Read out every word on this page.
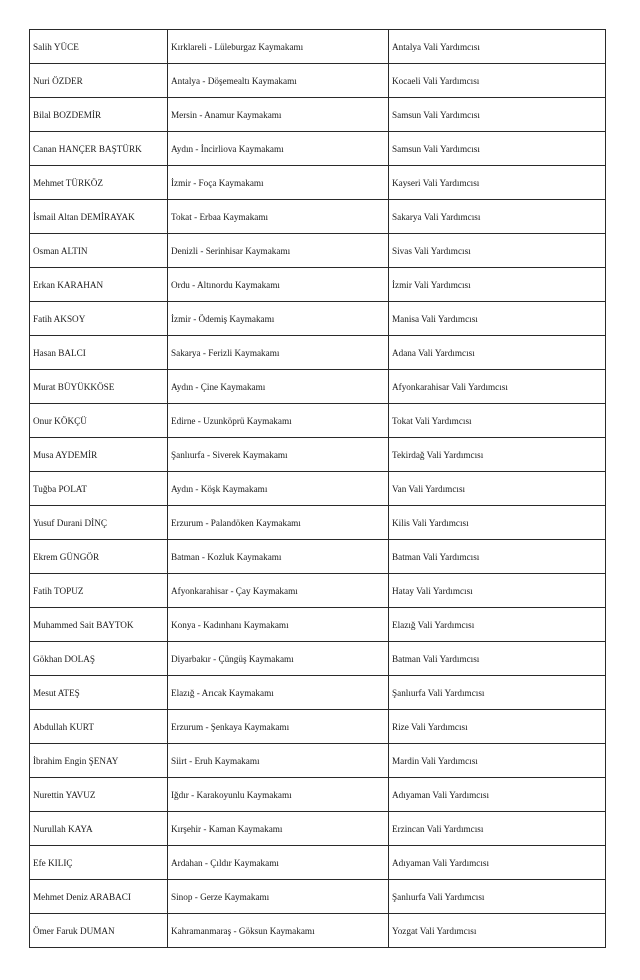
Salih YÜCE	Kırklareli - Lüleburgaz Kaymakamı	Antalya Vali Yardımcısı
Nuri ÖZDER	Antalya - Döşemealtı Kaymakamı	Kocaeli Vali Yardımcısı
Bilal BOZDEMİR	Mersin - Anamur Kaymakamı	Samsun Vali Yardımcısı
Canan HANÇER BAŞTÜRK	Aydın - İncirliova Kaymakamı	Samsun Vali Yardımcısı
Mehmet TÜRKÖZ	İzmir - Foça Kaymakamı	Kayseri Vali Yardımcısı
İsmail Altan DEMİRAYAK	Tokat - Erbaa Kaymakamı	Sakarya Vali Yardımcısı
Osman ALTIN	Denizli - Serinhisar Kaymakamı	Sivas Vali Yardımcısı
Erkan KARAHAN	Ordu - Altınordu Kaymakamı	İzmir Vali Yardımcısı
Fatih AKSOY	İzmir - Ödemiş Kaymakamı	Manisa Vali Yardımcısı
Hasan BALCI	Sakarya - Ferizli Kaymakamı	Adana Vali Yardımcısı
Murat BÜYÜKKÖSE	Aydın - Çine Kaymakamı	Afyonkarahisar Vali Yardımcısı
Onur KÖKÇÜ	Edirne - Uzunköprü Kaymakamı	Tokat Vali Yardımcısı
Musa AYDEMİR	Şanlıurfa - Siverek Kaymakamı	Tekirdağ Vali Yardımcısı
Tuğba POLAT	Aydın - Köşk Kaymakamı	Van Vali Yardımcısı
Yusuf Durani DİNÇ	Erzurum - Palandöken Kaymakamı	Kilis Vali Yardımcısı
Ekrem GÜNGÖR	Batman - Kozluk Kaymakamı	Batman Vali Yardımcısı
Fatih TOPUZ	Afyonkarahisar - Çay Kaymakamı	Hatay Vali Yardımcısı
Muhammed Sait BAYTOK	Konya - Kadınhanı Kaymakamı	Elazığ Vali Yardımcısı
Gökhan DOLAŞ	Diyarbakır - Çüngüş Kaymakamı	Batman Vali Yardımcısı
Mesut ATEŞ	Elazığ - Arıcak Kaymakamı	Şanlıurfa Vali Yardımcısı
Abdullah KURT	Erzurum - Şenkaya Kaymakamı	Rize Vali Yardımcısı
İbrahim Engin ŞENAY	Siirt - Eruh Kaymakamı	Mardin Vali Yardımcısı
Nurettin YAVUZ	Iğdır - Karakoyunlu Kaymakamı	Adıyaman Vali Yardımcısı
Nurullah KAYA	Kırşehir - Kaman Kaymakamı	Erzincan Vali Yardımcısı
Efe KILIÇ	Ardahan - Çıldır Kaymakamı	Adıyaman Vali Yardımcısı
Mehmet Deniz ARABACI	Sinop - Gerze Kaymakamı	Şanlıurfa Vali Yardımcısı
Ömer Faruk DUMAN	Kahramanmaraş - Göksun Kaymakamı	Yozgat Vali Yardımcısı
